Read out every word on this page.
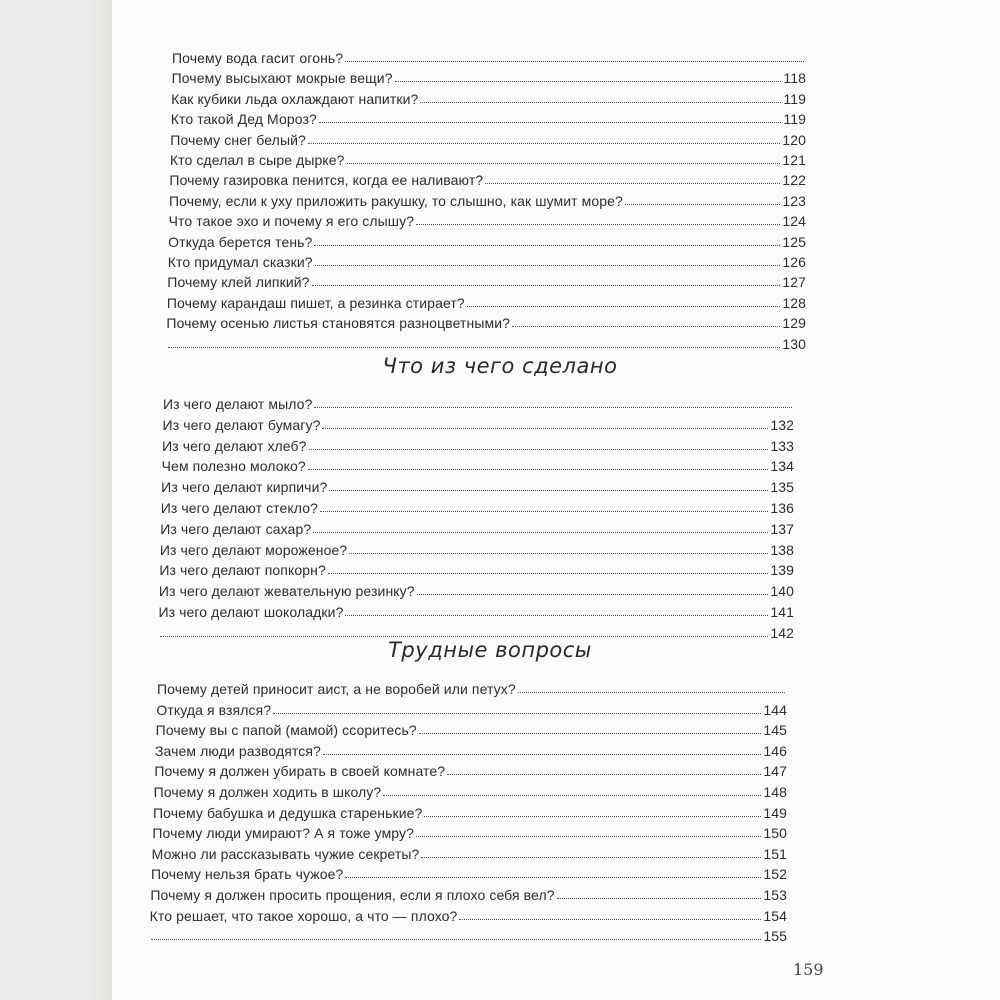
Почему вода гасит огонь?
Почему высыхают мокрые вещи?	118
Как кубики льда охлаждают напитки?	119
Кто такой Дед Мороз?	119
Почему снег белый?	120
Кто сделал в сыре дырке?	121
Почему газировка пенится, когда ее наливают?	122
Почему, если к уху приложить ракушку, то слышно, как шумит море?	123
Что такое эхо и почему я его слышу?	124
Откуда берется тень?	125
Кто придумал сказки?	126
Почему клей липкий?	127
Почему карандаш пишет, а резинка стирает?	128
Почему осенью листья становятся разноцветными?	129
130
Что из чего сделано
Из чего делают мыло?
Из чего делают бумагу?	132
Из чего делают хлеб?	133
Чем полезно молоко?	134
Из чего делают кирпичи?	135
Из чего делают стекло?	136
Из чего делают сахар?	137
Из чего делают мороженое?	138
Из чего делают попкорн?	139
Из чего делают жевательную резинку?	140
Из чего делают шоколадки?	141
142
Трудные вопросы
Почему детей приносит аист, а не воробей или петух?
Откуда я взялся?	144
Почему вы с папой (мамой) ссоритесь?	145
Зачем люди разводятся?	146
Почему я должен убирать в своей комнате?	147
Почему я должен ходить в школу?	148
Почему бабушка и дедушка старенькие?	149
Почему люди умирают? А я тоже умру?	150
Можно ли рассказывать чужие секреты?	151
Почему нельзя брать чужое?	152
Почему я должен просить прощения, если я плохо себя вел?	153
Кто решает, что такое хорошо, а что — плохо?	154
155
159
